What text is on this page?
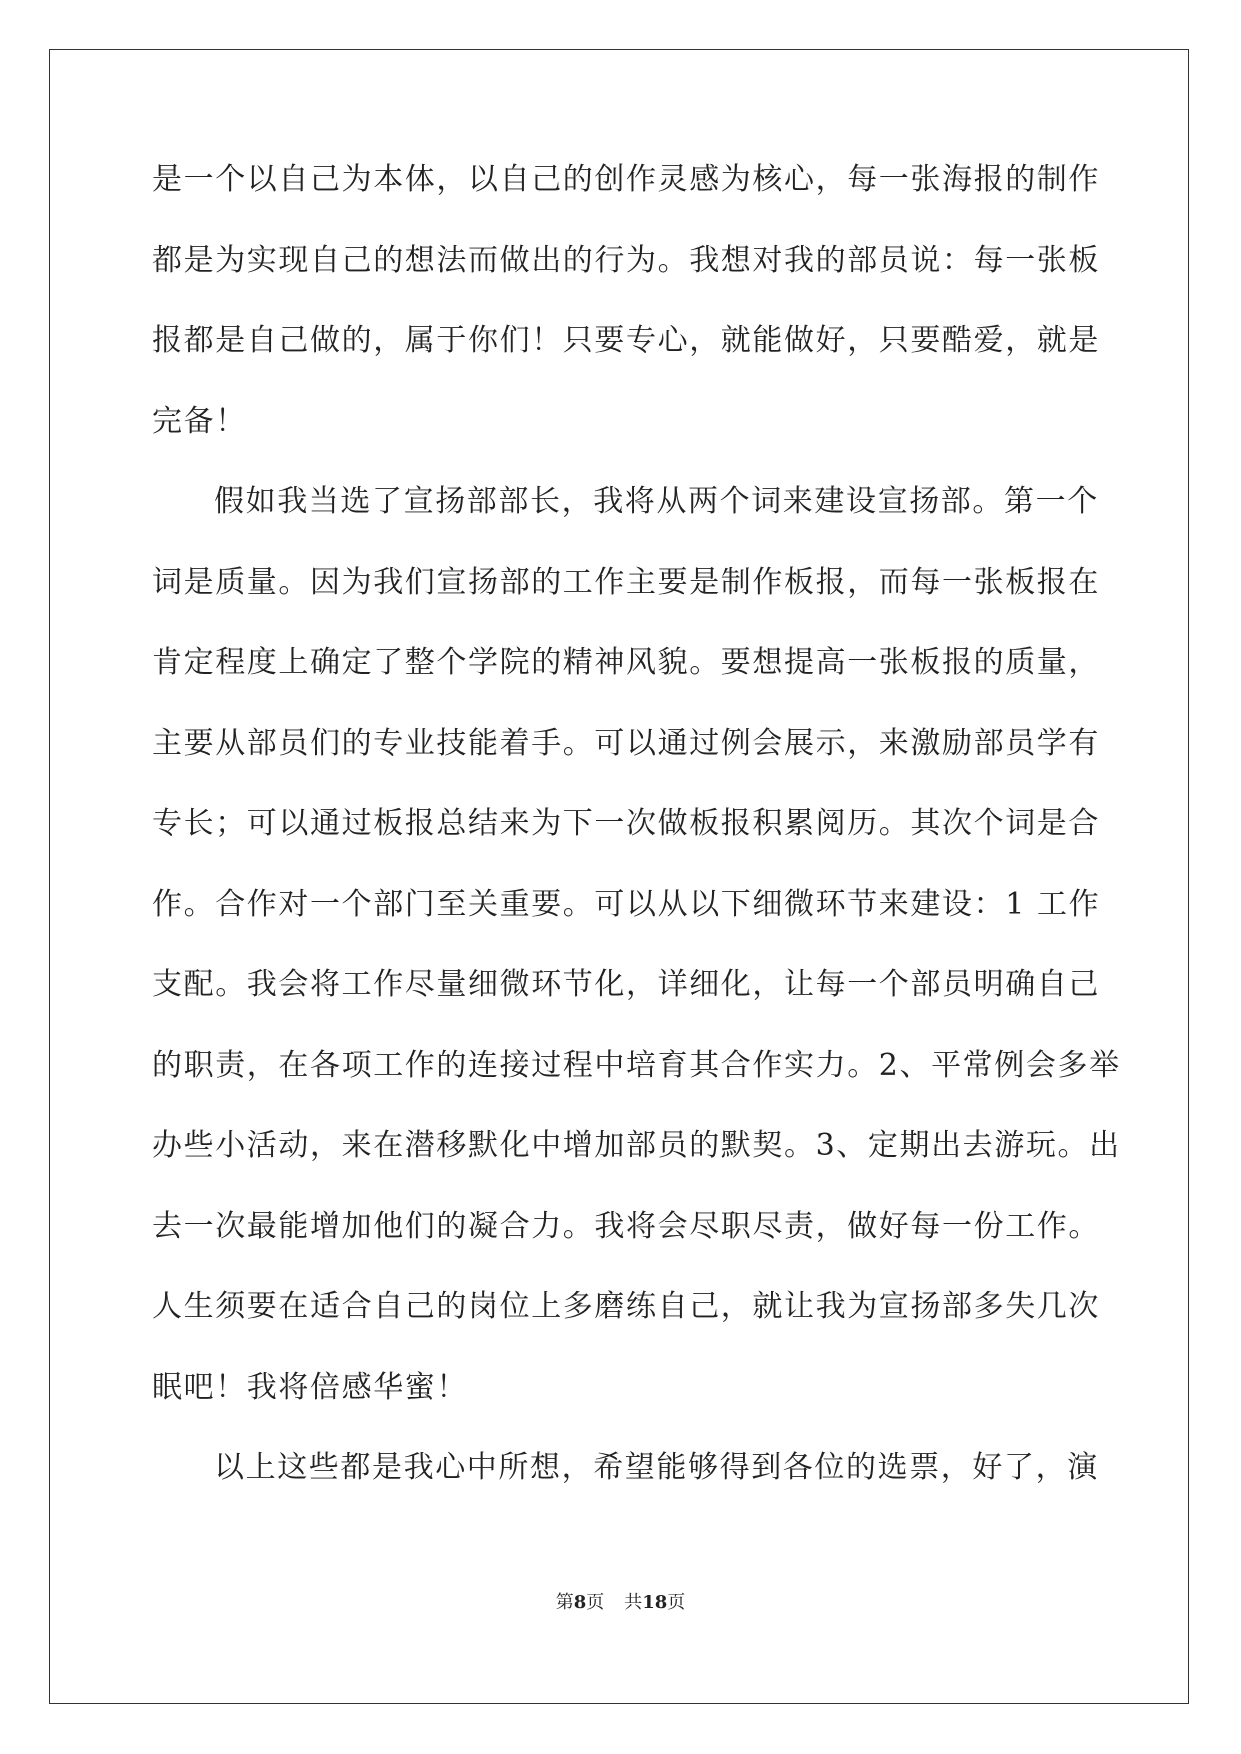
是一个以自己为本体，以自己的创作灵感为核心，每一张海报的制作
都是为实现自己的想法而做出的行为。我想对我的部员说：每一张板
报都是自己做的，属于你们！只要专心，就能做好，只要酷爱，就是
完备！
假如我当选了宣扬部部长，我将从两个词来建设宣扬部。第一个
词是质量。因为我们宣扬部的工作主要是制作板报，而每一张板报在
肯定程度上确定了整个学院的精神风貌。要想提高一张板报的质量，
主要从部员们的专业技能着手。可以通过例会展示，来激励部员学有
专长；可以通过板报总结来为下一次做板报积累阅历。其次个词是合
作。合作对一个部门至关重要。可以从以下细微环节来建设：1 工作
支配。我会将工作尽量细微环节化，详细化，让每一个部员明确自己
的职责，在各项工作的连接过程中培育其合作实力。2、平常例会多举
办些小活动，来在潜移默化中增加部员的默契。3、定期出去游玩。出
去一次最能增加他们的凝合力。我将会尽职尽责，做好每一份工作。
人生须要在适合自己的岗位上多磨练自己，就让我为宣扬部多失几次
眠吧！我将倍感华蜜！
以上这些都是我心中所想，希望能够得到各位的选票，好了，演
第8页 共18页
